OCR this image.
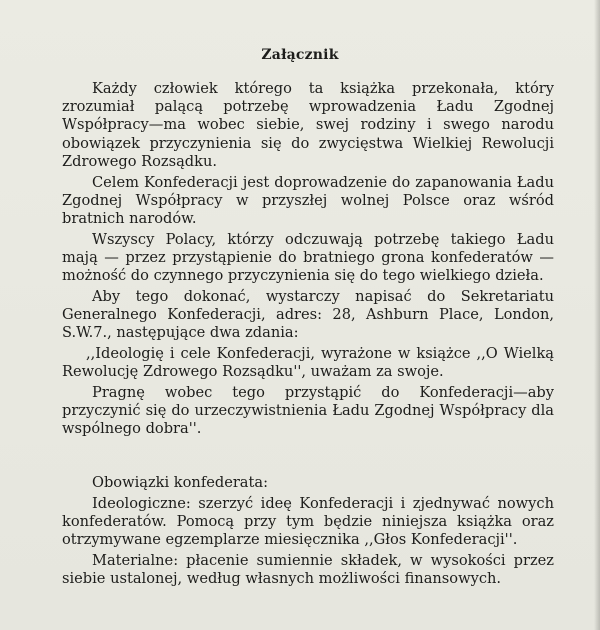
Załącznik

Każdy człowiek którego ta książka przekonała, który zrozumiał palącą potrzebę wprowadzenia Ładu Zgodnej Współpracy—ma wobec siebie, swej rodziny i swego narodu obowiązek przyczynienia się do zwycięstwa Wielkiej Rewolucji Zdrowego Rozsądku.

Celem Konfederacji jest doprowadzenie do zapanowania Ładu Zgodnej Współpracy w przyszłej wolnej Polsce oraz wśród bratnich narodów.

Wszyscy Polacy, którzy odczuwają potrzebę takiego Ładu mają — przez przystąpienie do bratniego grona konfederatów — możność do czynnego przyczynienia się do tego wielkiego dzieła.

Aby tego dokonać, wystarczy napisać do Sekretariatu Generalnego Konfederacji, adres: 28, Ashburn Place, London, S.W.7., następujące dwa zdania:

,,Ideologię i cele Konfederacji, wyrażone w książce ,,O Wielką Rewolucję Zdrowego Rozsądku'', uważam za swoje.

Pragnę wobec tego przystąpić do Konfederacji—aby przyczynić się do urzeczywistnienia Ładu Zgodnej Współpracy dla wspólnego dobra''.

Obowiązki konfederata:

Ideologiczne: szerzyć ideę Konfederacji i zjednywać nowych konfederatów. Pomocą przy tym będzie niniejsza książka oraz otrzymywane egzemplarze miesięcznika ,,Głos Konfederacji''.

Materialne: płacenie sumiennie składek, w wysokości przez siebie ustalonej, według własnych możliwości finansowych.
